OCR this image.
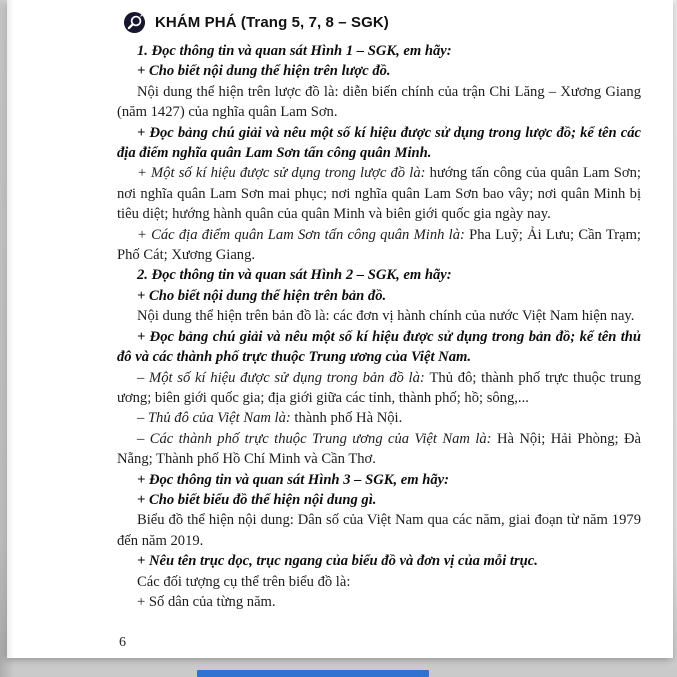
KHÁM PHÁ (Trang 5, 7, 8 – SGK)

1. Đọc thông tin và quan sát Hình 1 – SGK, em hãy:

+ Cho biết nội dung thể hiện trên lược đồ.

Nội dung thể hiện trên lược đồ là: diễn biến chính của trận Chi Lăng – Xương Giang (năm 1427) của nghĩa quân Lam Sơn.

+ Đọc bảng chú giải và nêu một số kí hiệu được sử dụng trong lược đồ; kể tên các địa điểm nghĩa quân Lam Sơn tấn công quân Minh.

+ Một số kí hiệu được sử dụng trong lược đồ là: hướng tấn công của quân Lam Sơn; nơi nghĩa quân Lam Sơn mai phục; nơi nghĩa quân Lam Sơn bao vây; nơi quân Minh bị tiêu diệt; hướng hành quân của quân Minh và biên giới quốc gia ngày nay.

+ Các địa điểm quân Lam Sơn tấn công quân Minh là: Pha Luỹ; Ải Lưu; Cần Trạm; Phố Cát; Xương Giang.

2. Đọc thông tin và quan sát Hình 2 – SGK, em hãy:

+ Cho biết nội dung thể hiện trên bản đồ.

Nội dung thể hiện trên bản đồ là: các đơn vị hành chính của nước Việt Nam hiện nay.

+ Đọc bảng chú giải và nêu một số kí hiệu được sử dụng trong bản đồ; kể tên thủ đô và các thành phố trực thuộc Trung ương của Việt Nam.

– Một số kí hiệu được sử dụng trong bản đồ là: Thủ đô; thành phố trực thuộc trung ương; biên giới quốc gia; địa giới giữa các tỉnh, thành phố; hồ; sông,...

– Thủ đô của Việt Nam là: thành phố Hà Nội.

– Các thành phố trực thuộc Trung ương của Việt Nam là: Hà Nội; Hải Phòng; Đà Nẵng; Thành phố Hồ Chí Minh và Cần Thơ.

+ Đọc thông tin và quan sát Hình 3 – SGK, em hãy:

+ Cho biết biểu đồ thể hiện nội dung gì.

Biểu đồ thể hiện nội dung: Dân số của Việt Nam qua các năm, giai đoạn từ năm 1979 đến năm 2019.

+ Nêu tên trục dọc, trục ngang của biểu đồ và đơn vị của mỗi trục.

Các đối tượng cụ thể trên biểu đồ là:

+ Số dân của từng năm.

6
